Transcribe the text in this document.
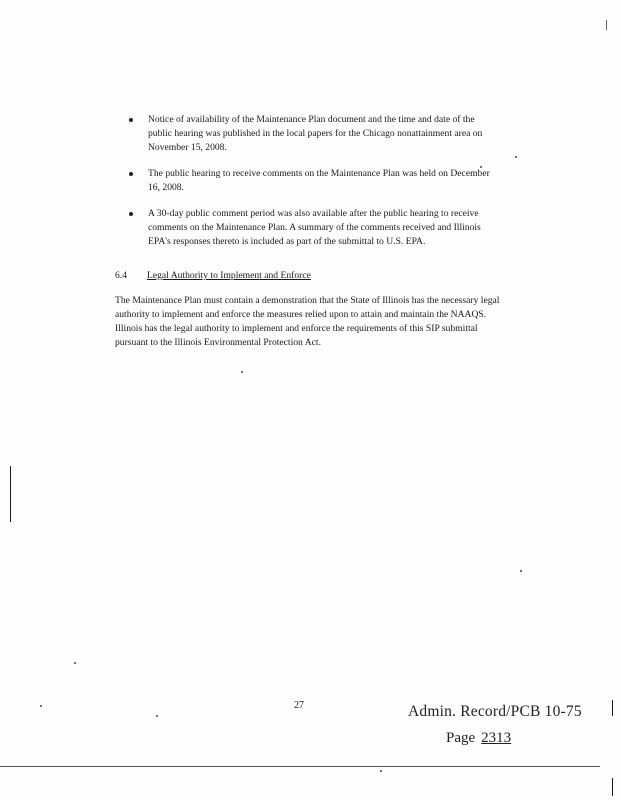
Notice of availability of the Maintenance Plan document and the time and date of the public hearing was published in the local papers for the Chicago nonattainment area on November 15, 2008.
The public hearing to receive comments on the Maintenance Plan was held on December 16, 2008.
A 30-day public comment period was also available after the public hearing to receive comments on the Maintenance Plan. A summary of the comments received and Illinois EPA's responses thereto is included as part of the submittal to U.S. EPA.
6.4 Legal Authority to Implement and Enforce
The Maintenance Plan must contain a demonstration that the State of Illinois has the necessary legal authority to implement and enforce the measures relied upon to attain and maintain the NAAQS. Illinois has the legal authority to implement and enforce the requirements of this SIP submittal pursuant to the Illinois Environmental Protection Act.
27	Admin. Record/PCB 10-75
Page 2313
